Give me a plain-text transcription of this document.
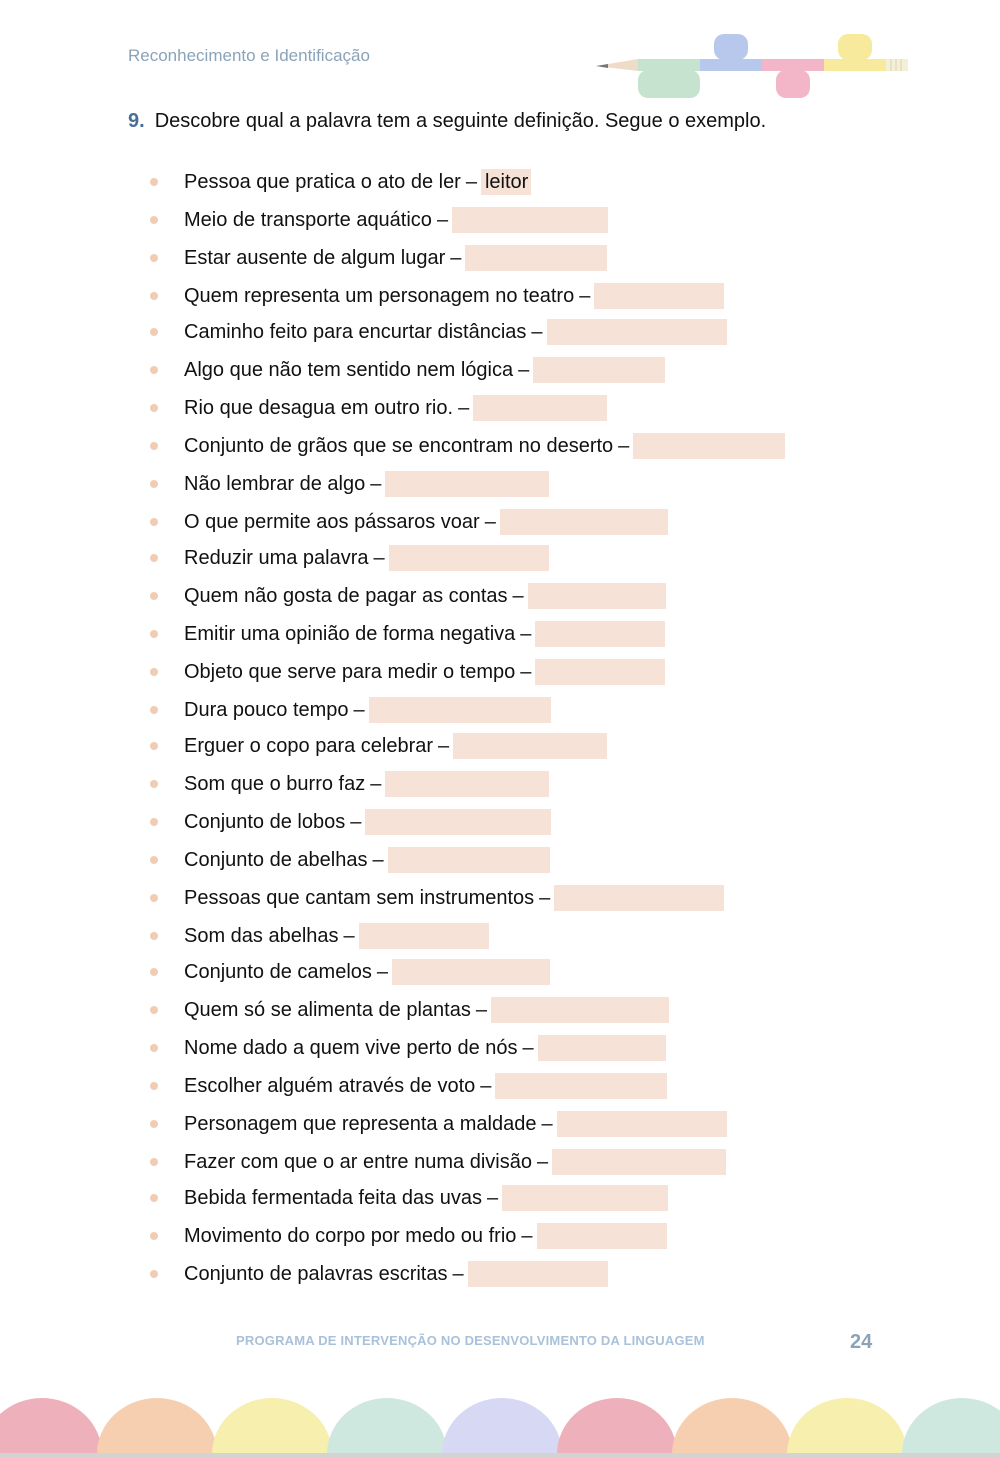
Reconhecimento e Identificação
9. Descobre qual a palavra tem a seguinte definição. Segue o exemplo.
Pessoa que pratica o ato de ler – leitor
Meio de transporte aquático –
Estar ausente de algum lugar –
Quem representa um personagem no teatro –
Caminho feito para encurtar distâncias –
Algo que não tem sentido nem lógica –
Rio que desagua em outro rio. –
Conjunto de grãos que se encontram no deserto –
Não lembrar de algo –
O que permite aos pássaros voar –
Reduzir uma palavra –
Quem não gosta de pagar as contas –
Emitir uma opinião de forma negativa –
Objeto que serve para medir o tempo –
Dura pouco tempo –
Erguer o copo para celebrar –
Som que o burro faz –
Conjunto de lobos –
Conjunto de abelhas –
Pessoas que cantam sem instrumentos –
Som das abelhas –
Conjunto de camelos –
Quem só se alimenta de plantas –
Nome dado a quem vive perto de nós –
Escolher alguém através de voto –
Personagem que representa a maldade –
Fazer com que o ar entre numa divisão –
Bebida fermentada feita das uvas –
Movimento do corpo por medo ou frio –
Conjunto de palavras escritas –
PROGRAMA DE INTERVENÇÃO NO DESENVOLVIMENTO DA LINGUAGEM	24
